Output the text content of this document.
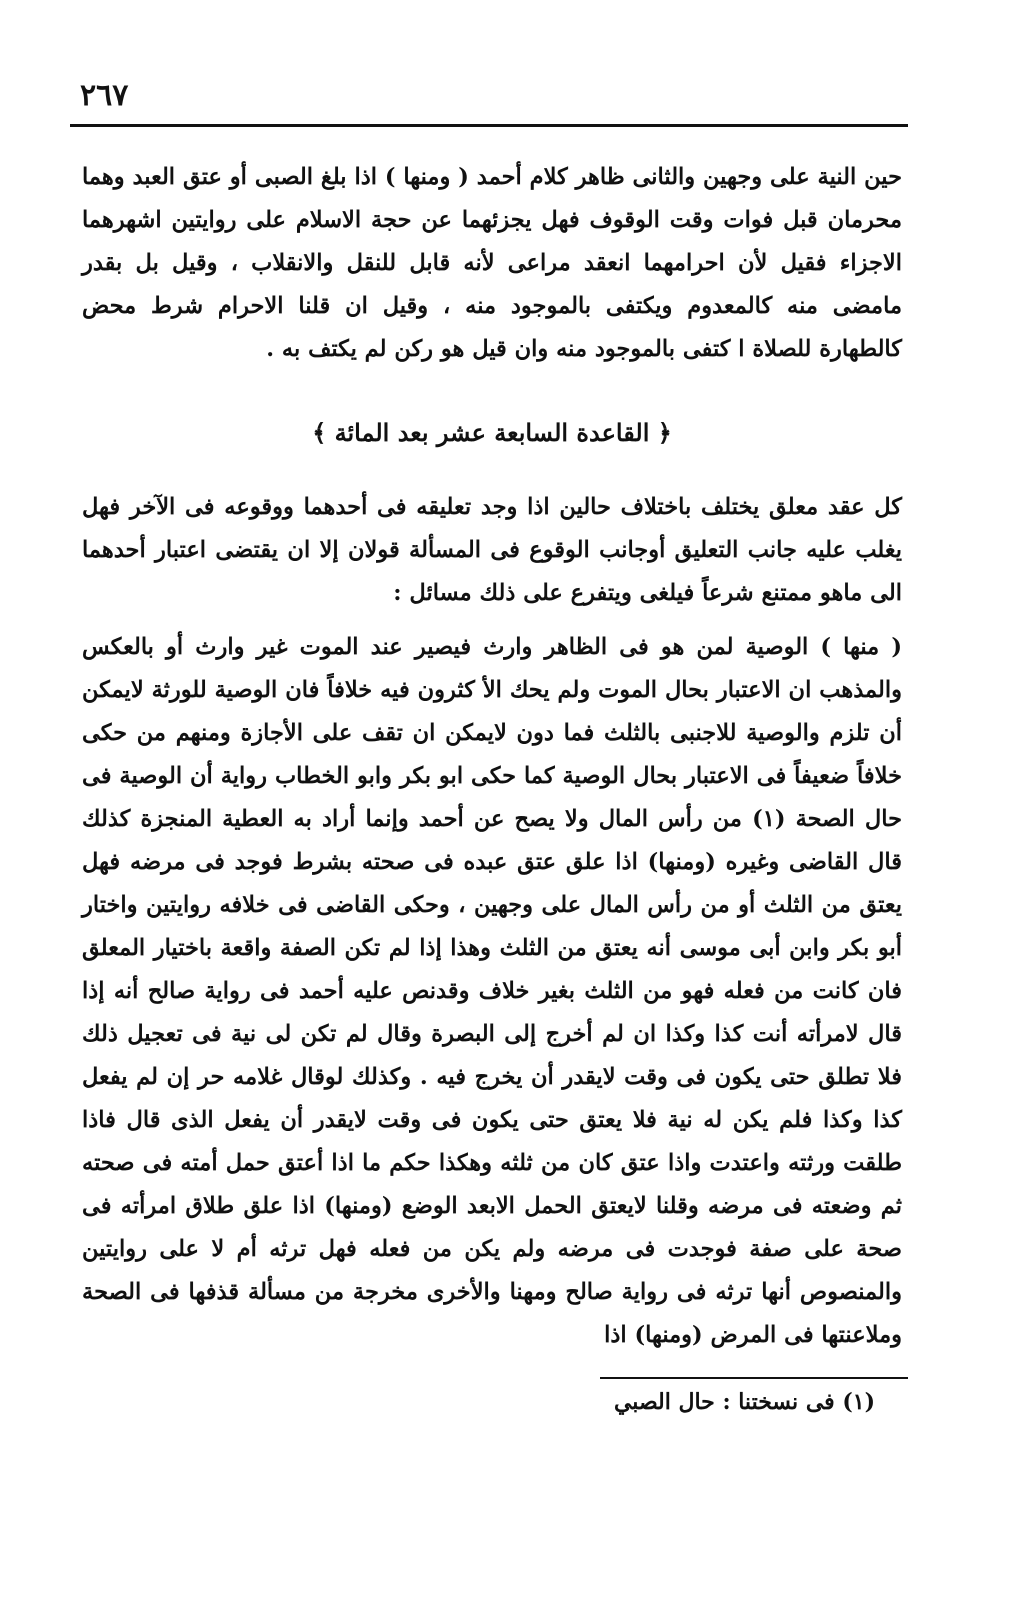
٢٦٧

حين النية على وجهين والثانى ظاهر كلام أحمد ( ومنها ) اذا بلغ الصبى أو عتق العبد وهما محرمان قبل فوات وقت الوقوف فهل يجزئهما عن حجة الاسلام على روايتين اشهرهما الاجزاء فقيل لأن احرامهما انعقد مراعى لأنه قابل للنقل والانقلاب ، وقيل بل بقدر مامضى منه كالمعدوم ويكتفى بالموجود منه ، وقيل ان قلنا الاحرام شرط محض كالطهارة للصلاة ا كتفى بالموجود منه وان قيل هو ركن لم يكتف به .

﴿ القاعدة السابعة عشر بعد المائة ﴾

كل عقد معلق يختلف باختلاف حالين اذا وجد تعليقه فى أحدهما ووقوعه فى الآخر فهل يغلب عليه جانب التعليق أوجانب الوقوع فى المسألة قولان إلا ان يقتضى اعتبار أحدهما الى ماهو ممتنع شرعاً فيلغى ويتفرع على ذلك مسائل :

( منها ) الوصية لمن هو فى الظاهر وارث فيصير عند الموت غير وارث أو بالعكس والمذهب ان الاعتبار بحال الموت ولم يحك الأ كثرون فيه خلافاً فان الوصية للورثة لايمكن أن تلزم والوصية للاجنبى بالثلث فما دون لايمكن ان تقف على الأجازة ومنهم من حكى خلافاً ضعيفاً فى الاعتبار بحال الوصية كما حكى ابو بكر وابو الخطاب رواية أن الوصية فى حال الصحة (١) من رأس المال ولا يصح عن أحمد وإنما أراد به العطية المنجزة كذلك قال القاضى وغيره (ومنها) اذا علق عتق عبده فى صحته بشرط فوجد فى مرضه فهل يعتق من الثلث أو من رأس المال على وجهين ، وحكى القاضى فى خلافه روايتين واختار أبو بكر وابن أبى موسى أنه يعتق من الثلث وهذا إذا لم تكن الصفة واقعة باختيار المعلق فان كانت من فعله فهو من الثلث بغير خلاف وقدنص عليه أحمد فى رواية صالح أنه إذا قال لامرأته أنت كذا وكذا ان لم أخرج إلى البصرة وقال لم تكن لى نية فى تعجيل ذلك فلا تطلق حتى يكون فى وقت لايقدر أن يخرج فيه . وكذلك لوقال غلامه حر إن لم يفعل كذا وكذا فلم يكن له نية فلا يعتق حتى يكون فى وقت لايقدر أن يفعل الذى قال فاذا طلقت ورثته واعتدت واذا عتق كان من ثلثه وهكذا حكم ما اذا أعتق حمل أمته فى صحته ثم وضعته فى مرضه وقلنا لايعتق الحمل الابعد الوضع (ومنها) اذا علق طلاق امرأته فى صحة على صفة فوجدت فى مرضه ولم يكن من فعله فهل ترثه أم لا على روايتين والمنصوص أنها ترثه فى رواية صالح ومهنا والأخرى مخرجة من مسألة قذفها فى الصحة وملاعنتها فى المرض (ومنها) اذا

(١) فى نسختنا : حال الصبي
